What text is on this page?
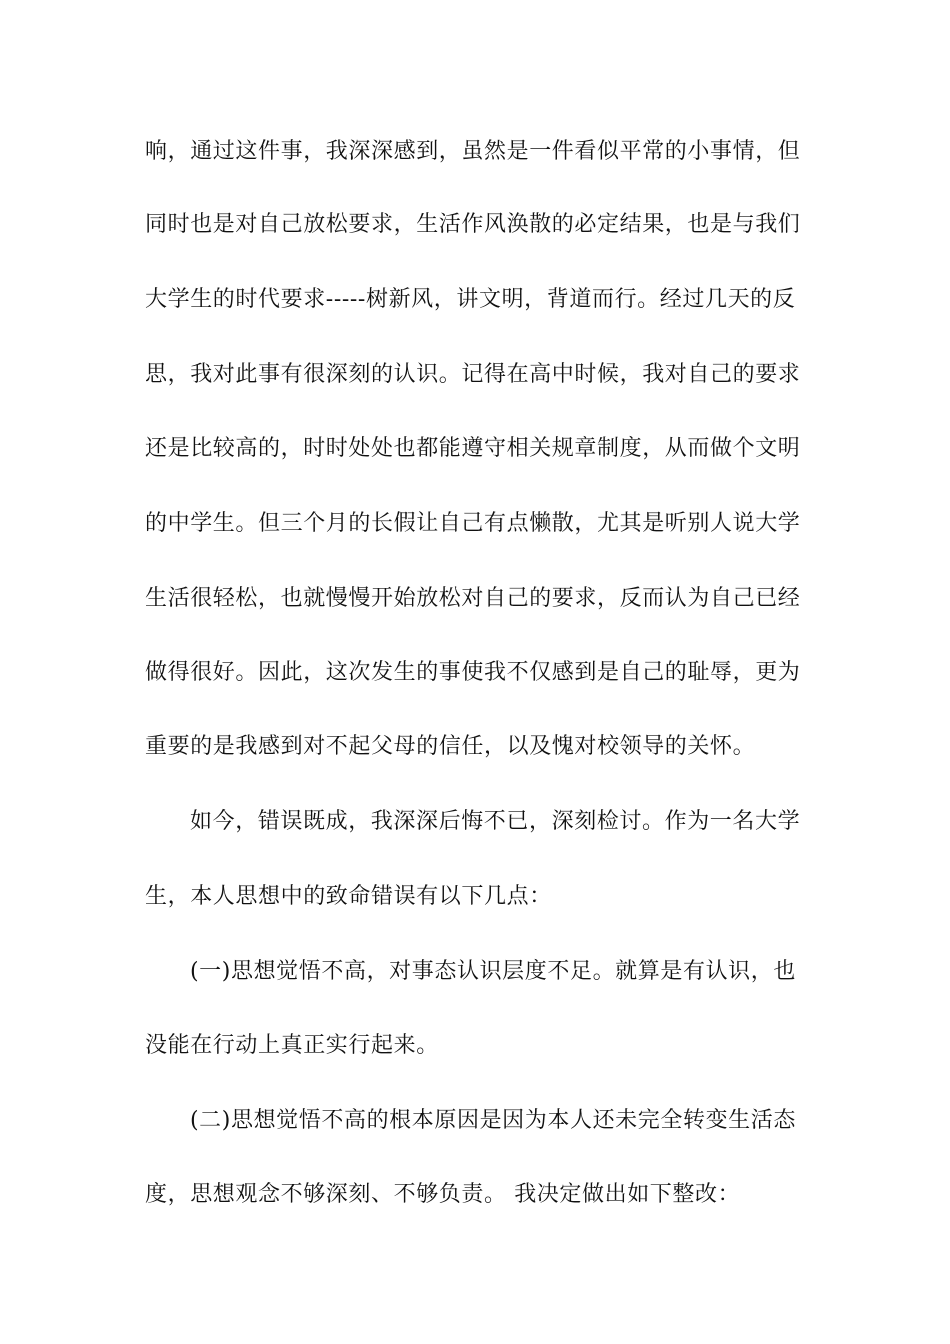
响，通过这件事，我深深感到，虽然是一件看似平常的小事情，但
同时也是对自己放松要求，生活作风涣散的必定结果，也是与我们
大学生的时代要求-----树新风，讲文明，背道而行。经过几天的反
思，我对此事有很深刻的认识。记得在高中时候，我对自己的要求
还是比较高的，时时处处也都能遵守相关规章制度，从而做个文明
的中学生。但三个月的长假让自己有点懒散，尤其是听别人说大学
生活很轻松，也就慢慢开始放松对自己的要求，反而认为自己已经
做得很好。因此，这次发生的事使我不仅感到是自己的耻辱，更为
重要的是我感到对不起父母的信任，以及愧对校领导的关怀。
如今，错误既成，我深深后悔不已，深刻检讨。作为一名大学
生，本人思想中的致命错误有以下几点：
(一)思想觉悟不高，对事态认识层度不足。就算是有认识，也
没能在行动上真正实行起来。
(二)思想觉悟不高的根本原因是因为本人还未完全转变生活态
度，思想观念不够深刻、不够负责。 我决定做出如下整改：
